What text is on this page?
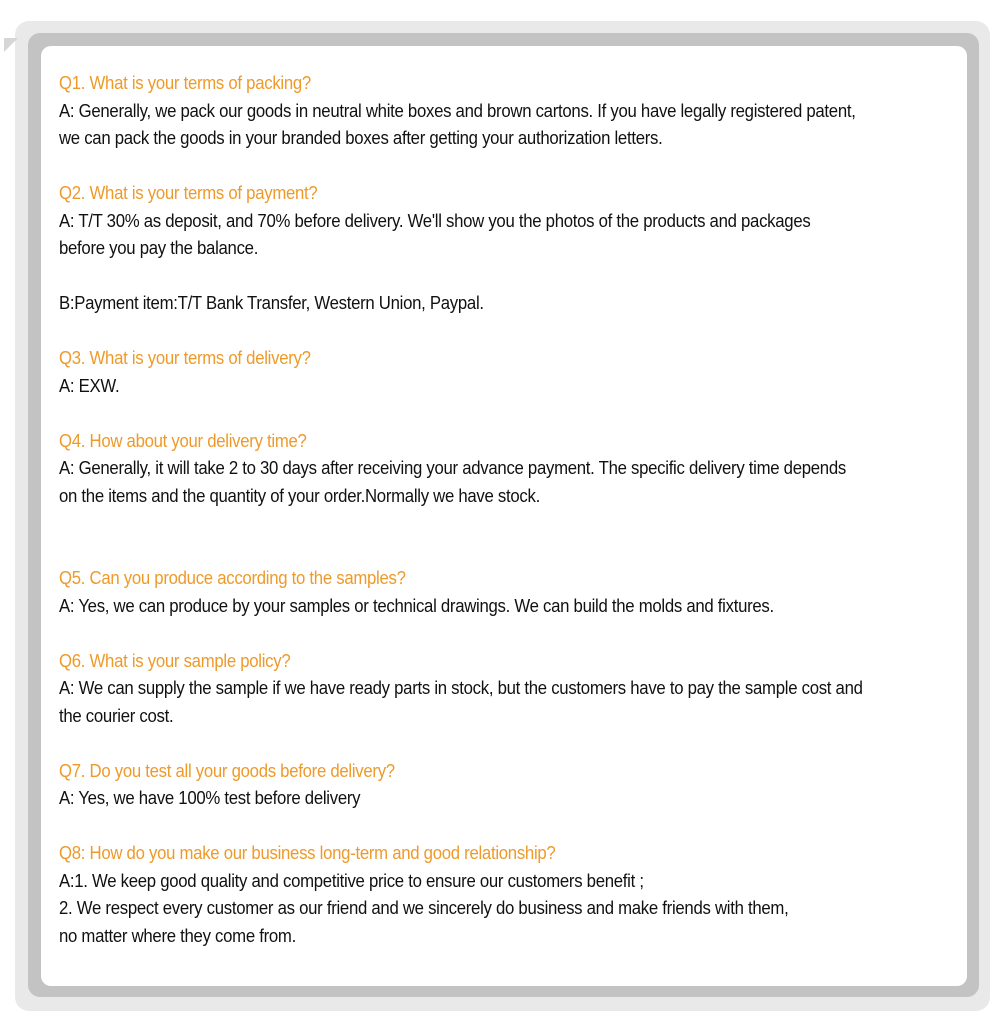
Q1. What is your terms of packing?

A: Generally, we pack our goods in neutral white boxes and brown cartons. If you have legally registered patent,

we can pack the goods in your branded boxes after getting your authorization letters.

Q2. What is your terms of payment?

A: T/T 30% as deposit, and 70% before delivery. We'll show you the photos of the products and packages

before you pay the balance.

B:Payment item:T/T Bank Transfer, Western Union, Paypal.

Q3. What is your terms of delivery?

A: EXW.

Q4. How about your delivery time?

A: Generally, it will take 2 to 30 days after receiving your advance payment. The specific delivery time depends

on the items and the quantity of your order.Normally we have stock.

Q5. Can you produce according to the samples?

A: Yes, we can produce by your samples or technical drawings. We can build the molds and fixtures.

Q6. What is your sample policy?

A: We can supply the sample if we have ready parts in stock, but the customers have to pay the sample cost and

the courier cost.

Q7. Do you test all your goods before delivery?

A: Yes, we have 100% test before delivery

Q8: How do you make our business long-term and good relationship?

A:1. We keep good quality and competitive price to ensure our customers benefit ;

2. We respect every customer as our friend and we sincerely do business and make friends with them,

no matter where they come from.
